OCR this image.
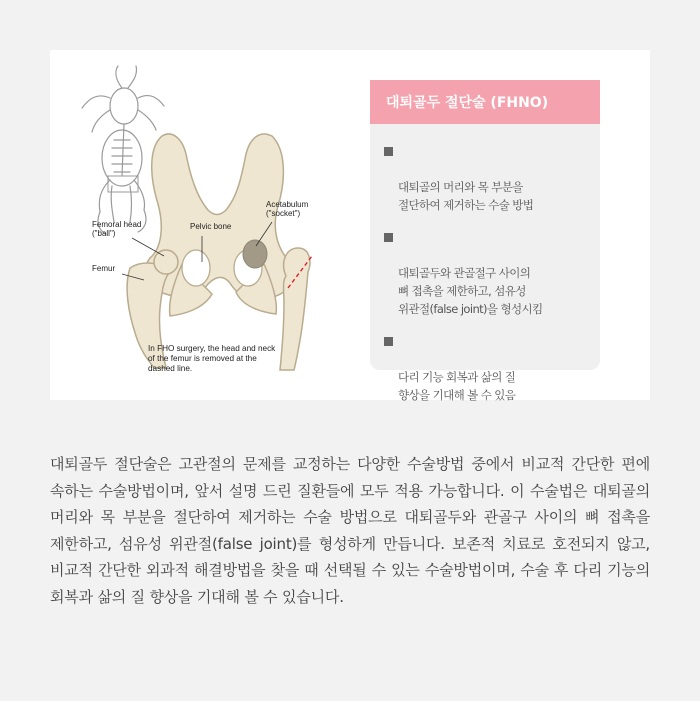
Femoral head
("ball")
Pelvic bone
Acetabulum
("socket")
Femur
In FHO surgery, the head and neck of the femur is removed at the dashed line.
대퇴골두 절단술 (FHNO)

대퇴골의 머리와 목 부분을
절단하여 제거하는 수술 방법

대퇴골두와 관골절구 사이의
뼈 접촉을 제한하고, 섬유성
위관절(false joint)을 형성시킴

다리 기능 회복과 삶의 질
향상을 기대해 볼 수 있음

대퇴골두 절단술은 고관절의 문제를 교정하는 다양한 수술방법 중에서 비교적 간단한 편에 속하는 수술방법이며, 앞서 설명 드린 질환들에 모두 적용 가능합니다. 이 수술법은 대퇴골의 머리와 목 부분을 절단하여 제거하는 수술 방법으로 대퇴골두와 관골구 사이의 뼈 접촉을 제한하고, 섬유성 위관절(false joint)를 형성하게 만듭니다. 보존적 치료로 호전되지 않고, 비교적 간단한 외과적 해결방법을 찾을 때 선택될 수 있는 수술방법이며, 수술 후 다리 기능의 회복과 삶의 질 향상을 기대해 볼 수 있습니다.
